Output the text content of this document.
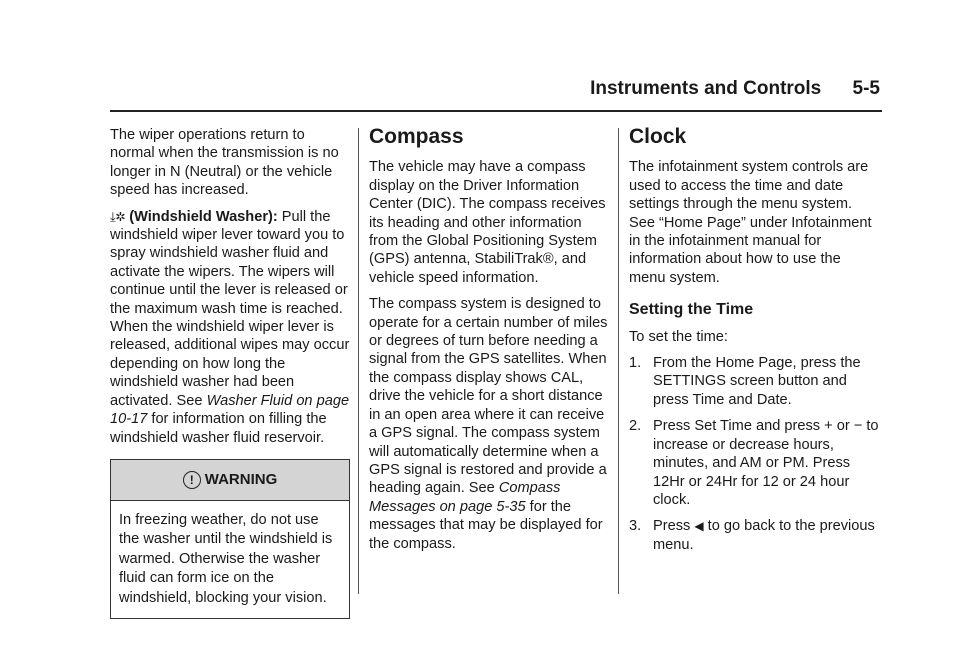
Instruments and Controls 5-5

The wiper operations return to normal when the transmission is no longer in N (Neutral) or the vehicle speed has increased.

⤓✲ (Windshield Washer): Pull the windshield wiper lever toward you to spray windshield washer fluid and activate the wipers. The wipers will continue until the lever is released or the maximum wash time is reached. When the windshield wiper lever is released, additional wipes may occur depending on how long the windshield washer had been activated. See Washer Fluid on page 10-17 for information on filling the windshield washer fluid reservoir.

! WARNING
In freezing weather, do not use the washer until the windshield is warmed. Otherwise the washer fluid can form ice on the windshield, blocking your vision.
Compass

The vehicle may have a compass display on the Driver Information Center (DIC). The compass receives its heading and other information from the Global Positioning System (GPS) antenna, StabiliTrak®, and vehicle speed information.

The compass system is designed to operate for a certain number of miles or degrees of turn before needing a signal from the GPS satellites. When the compass display shows CAL, drive the vehicle for a short distance in an open area where it can receive a GPS signal. The compass system will automatically determine when a GPS signal is restored and provide a heading again. See Compass Messages on page 5-35 for the messages that may be displayed for the compass.

Clock

The infotainment system controls are used to access the time and date settings through the menu system. See “Home Page” under Infotainment in the infotainment manual for information about how to use the menu system.

Setting the Time

To set the time:

1. From the Home Page, press the SETTINGS screen button and press Time and Date.
2. Press Set Time and press + or − to increase or decrease hours, minutes, and AM or PM. Press 12Hr or 24Hr for 12 or 24 hour clock.
3. Press ◀ to go back to the previous menu.
